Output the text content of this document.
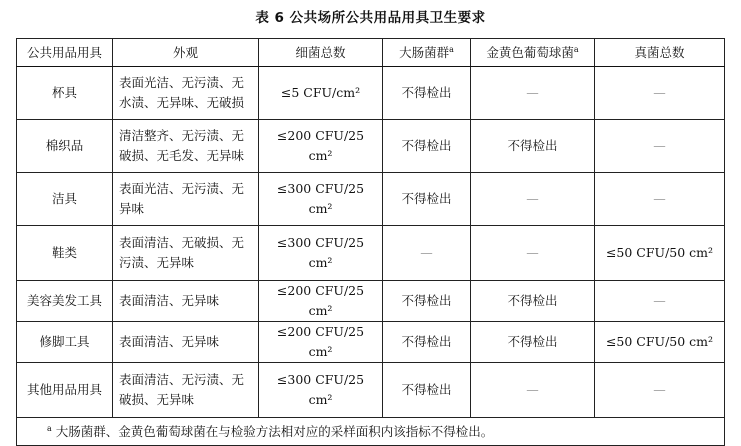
表 6 公共场所公共用品用具卫生要求
公共用品用具	外观	细菌总数	大肠菌群$^a$	金黄色葡萄球菌$^a$	真菌总数
杯具	表面光洁、无污渍、无水渍、无异味、无破损	≤5 CFU/cm²	不得检出	—	—
棉织品	清洁整齐、无污渍、无破损、无毛发、无异味	≤200 CFU/25 cm²	不得检出	不得检出	—
洁具	表面光洁、无污渍、无异味	≤300 CFU/25 cm²	不得检出	—	—
鞋类	表面清洁、无破损、无污渍、无异味	≤300 CFU/25 cm²	—	—	≤50 CFU/50 cm²
美容美发工具	表面清洁、无异味	≤200 CFU/25 cm²	不得检出	不得检出	—
修脚工具	表面清洁、无异味	≤200 CFU/25 cm²	不得检出	不得检出	≤50 CFU/50 cm²
其他用品用具	表面清洁、无污渍、无破损、无异味	≤300 CFU/25 cm²	不得检出	—	—
$^a$ 大肠菌群、金黄色葡萄球菌在与检验方法相对应的采样面积内该指标不得检出。					
